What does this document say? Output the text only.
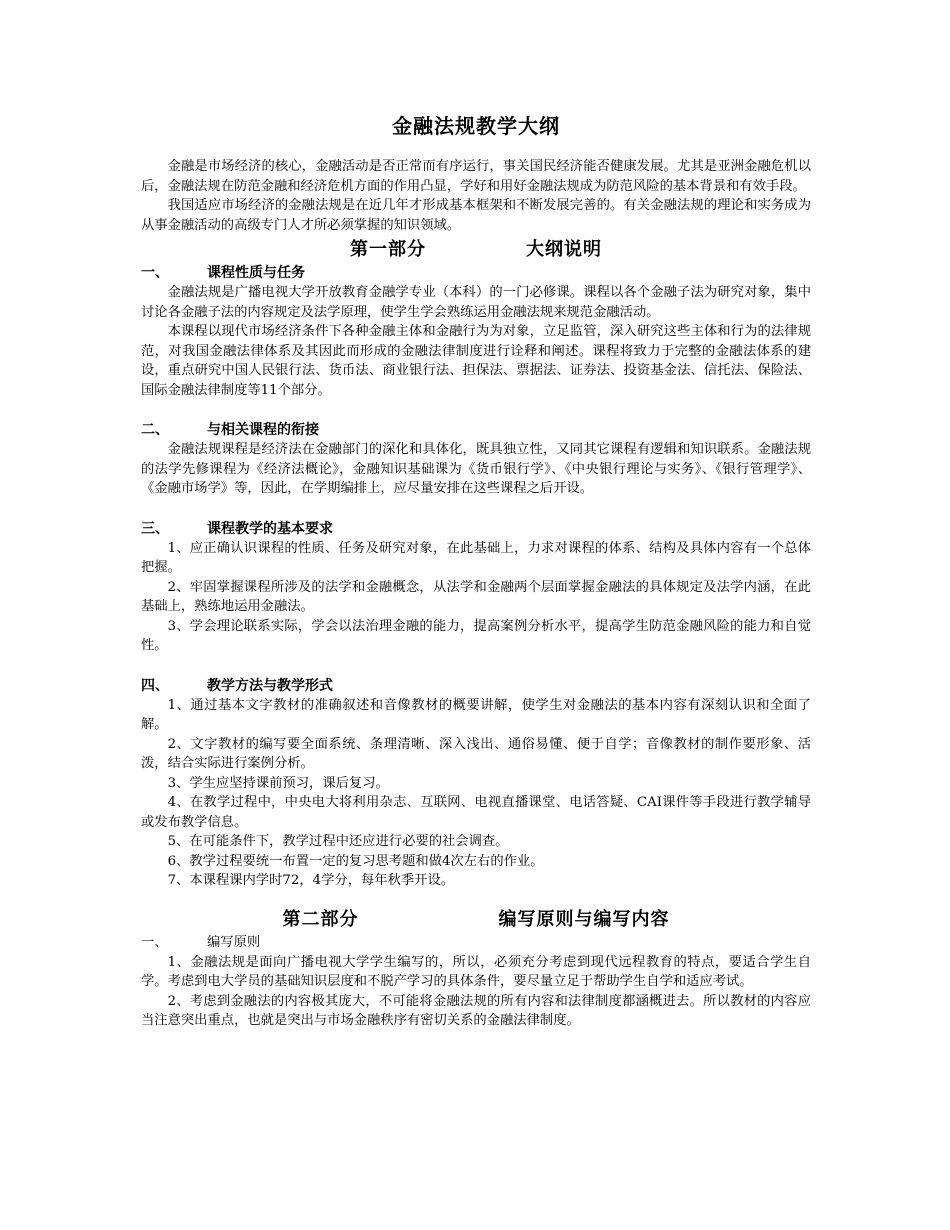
金融法规教学大纲

金融是市场经济的核心，金融活动是否正常而有序运行，事关国民经济能否健康发展。尤其是亚洲金融危机以后，金融法规在防范金融和经济危机方面的作用凸显，学好和用好金融法规成为防范风险的基本背景和有效手段。

我国适应市场经济的金融法规是在近几年才形成基本框架和不断发展完善的。有关金融法规的理论和实务成为从事金融活动的高级专门人才所必须掌握的知识领域。

第一部分	大纲说明
一、	课程性质与任务

金融法规是广播电视大学开放教育金融学专业（本科）的一门必修课。课程以各个金融子法为研究对象，集中讨论各金融子法的内容规定及法学原理，使学生学会熟练运用金融法规来规范金融活动。

本课程以现代市场经济条件下各种金融主体和金融行为为对象，立足监管，深入研究这些主体和行为的法律规范，对我国金融法律体系及其因此而形成的金融法律制度进行诠释和阐述。课程将致力于完整的金融法体系的建设，重点研究中国人民银行法、货币法、商业银行法、担保法、票据法、证券法、投资基金法、信托法、保险法、国际金融法律制度等11个部分。

二、	与相关课程的衔接

金融法规课程是经济法在金融部门的深化和具体化，既具独立性，又同其它课程有逻辑和知识联系。金融法规的法学先修课程为《经济法概论》，金融知识基础课为《货币银行学》、《中央银行理论与实务》、《银行管理学》、《金融市场学》等，因此，在学期编排上，应尽量安排在这些课程之后开设。

三、	课程教学的基本要求

1、应正确认识课程的性质、任务及研究对象，在此基础上，力求对课程的体系、结构及具体内容有一个总体把握。

2、牢固掌握课程所涉及的法学和金融概念，从法学和金融两个层面掌握金融法的具体规定及法学内涵，在此基础上，熟练地运用金融法。

3、学会理论联系实际，学会以法治理金融的能力，提高案例分析水平，提高学生防范金融风险的能力和自觉性。

四、	教学方法与教学形式

1、通过基本文字教材的准确叙述和音像教材的概要讲解，使学生对金融法的基本内容有深刻认识和全面了解。

2、文字教材的编写要全面系统、条理清晰、深入浅出、通俗易懂、便于自学；音像教材的制作要形象、活泼，结合实际进行案例分析。

3、学生应坚持课前预习，课后复习。

4、在教学过程中，中央电大将利用杂志、互联网、电视直播课堂、电话答疑、CAI课件等手段进行教学辅导或发布教学信息。

5、在可能条件下，教学过程中还应进行必要的社会调查。

6、教学过程要统一布置一定的复习思考题和做4次左右的作业。

7、本课程课内学时72，4学分，每年秋季开设。

第二部分	编写原则与编写内容
一、	编写原则

1、金融法规是面向广播电视大学学生编写的，所以，必须充分考虑到现代远程教育的特点，要适合学生自学。考虑到电大学员的基础知识层度和不脱产学习的具体条件，要尽量立足于帮助学生自学和适应考试。

2、考虑到金融法的内容极其庞大，不可能将金融法规的所有内容和法律制度都涵概进去。所以教材的内容应当注意突出重点，也就是突出与市场金融秩序有密切关系的金融法律制度。
